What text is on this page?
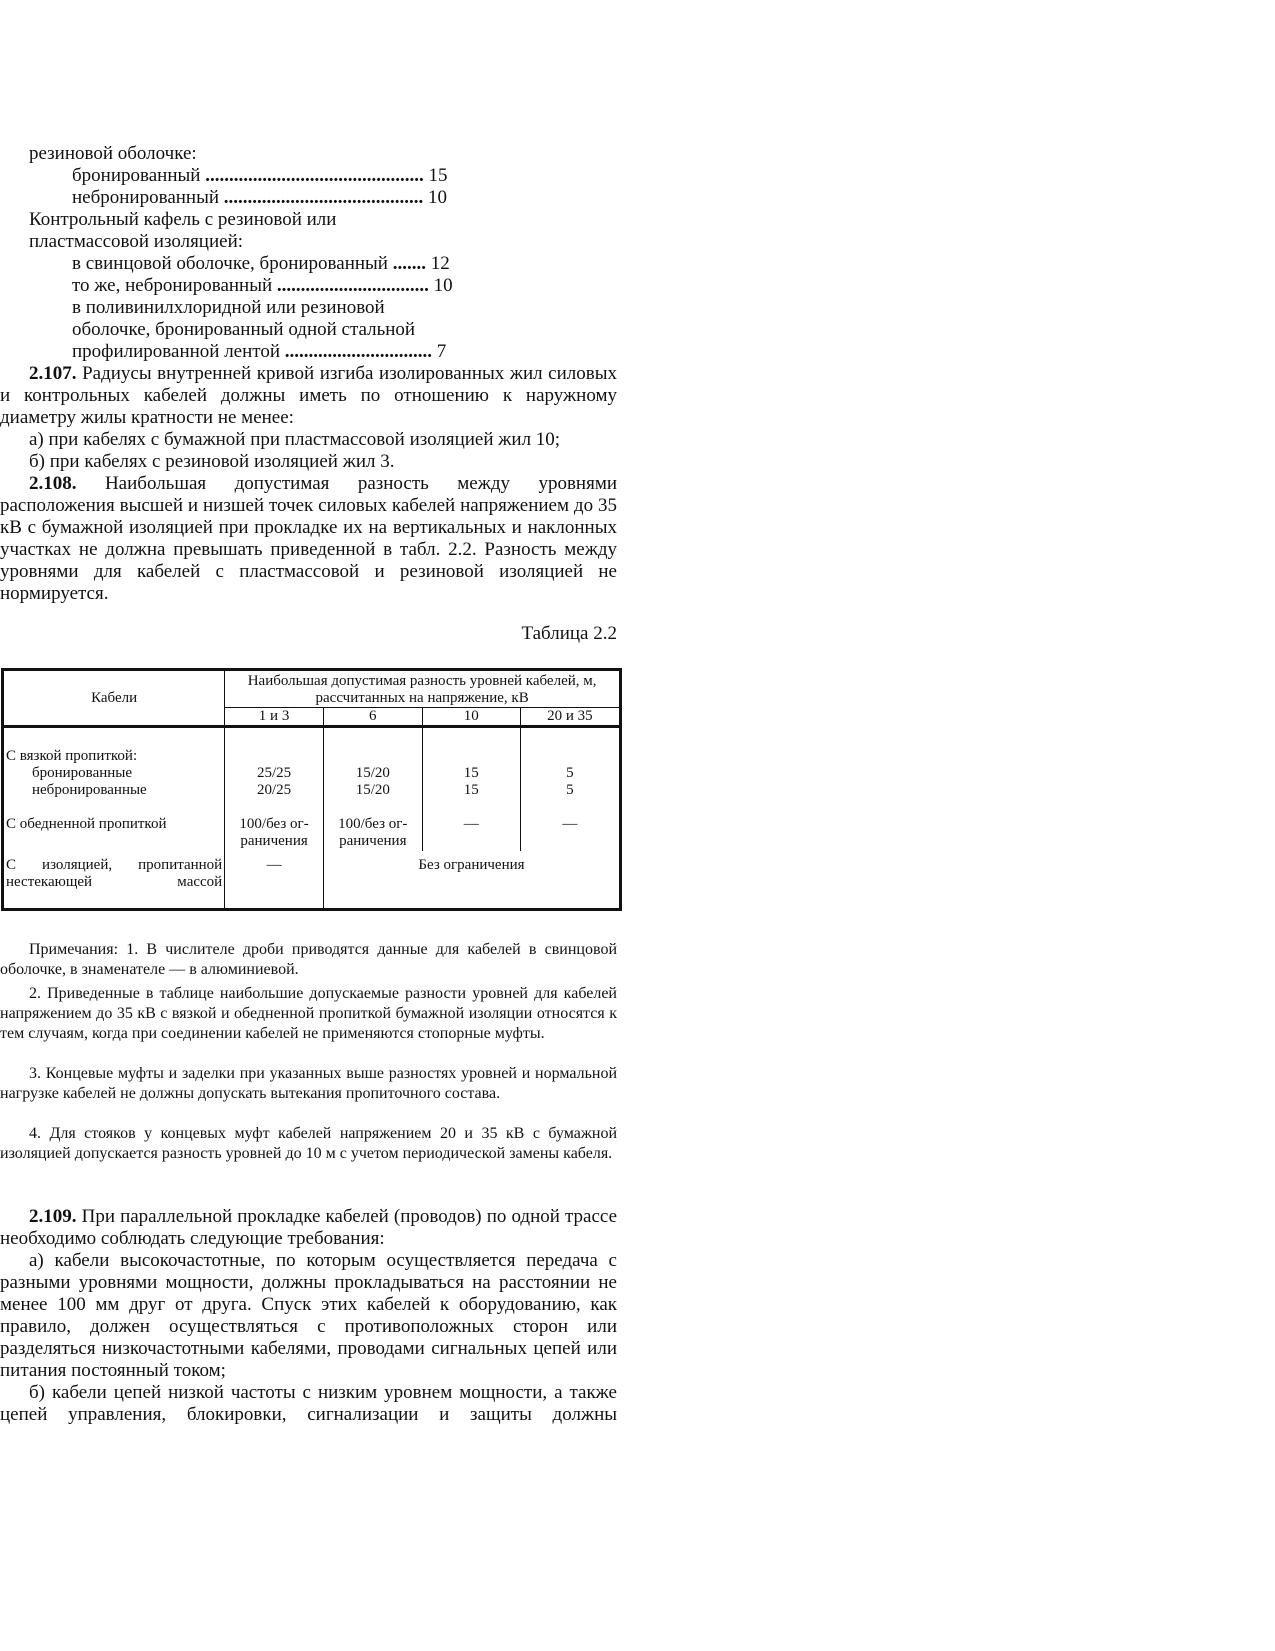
резиновой оболочке:
бронированный .............................................. 15
небронированный .......................................... 10
Контрольный кафель с резиновой или
пластмассовой изоляцией:
в свинцовой оболочке, бронированный ....... 12
то же, небронированный ................................ 10
в поливинилхлоридной или резиновой
оболочке, бронированный одной стальной
профилированной лентой ............................... 7
2.107. Радиусы внутренней кривой изгиба изолированных жил силовых и контрольных кабелей должны иметь по отношению к наружному диаметру жилы кратности не менее:
а) при кабелях с бумажной при пластмассовой изоляцией жил 10;
б) при кабелях с резиновой изоляцией жил 3.
2.108. Наибольшая допустимая разность между уровнями расположения высшей и низшей точек силовых кабелей напряжением до 35 кВ с бумажной изоляцией при прокладке их на вертикальных и наклонных участках не должна превышать приведенной в табл. 2.2. Разность между уровнями для кабелей с пластмассовой и резиновой изоляцией не нормируется.
Таблица 2.2
Кабели	Наибольшая допустимая разность уровней кабелей, м, рассчитанных на напряжение, кВ			
	1 и 3	6	10	20 и 35
С вязкой пропиткой:				
бронированные	25/25	15/20	15	5
небронированные	20/25	15/20	15	5
С обедненной пропиткой	100/без ог-раничения	100/без ог-раничения	—	—
С изоляцией, пропитанной нестекающей массой	—	Без ограничения		
Примечания: 1. В числителе дроби приводятся данные для кабелей в свинцовой оболочке, в знаменателе — в алюминиевой.
2. Приведенные в таблице наибольшие допускаемые разности уровней для кабелей напряжением до 35 кВ с вязкой и обедненной пропиткой бумажной изоляции относятся к тем случаям, когда при соединении кабелей не применяются стопорные муфты.
3. Концевые муфты и заделки при указанных выше разностях уровней и нормальной нагрузке кабелей не должны допускать вытекания пропиточного состава.
4. Для стояков у концевых муфт кабелей напряжением 20 и 35 кВ с бумажной изоляцией допускается разность уровней до 10 м с учетом периодической замены кабеля.
2.109. При параллельной прокладке кабелей (проводов) по одной трассе необходимо соблюдать следующие требования:
а) кабели высокочастотные, по которым осуществляется передача с разными уровнями мощности, должны прокладываться на расстоянии не менее 100 мм друг от друга. Спуск этих кабелей к оборудованию, как правило, должен осуществляться с противоположных сторон или разделяться низкочастотными кабелями, проводами сигнальных цепей или питания постоянный током;
б) кабели цепей низкой частоты с низким уровнем мощности, а также цепей управления, блокировки, сигнализации и защиты должны
